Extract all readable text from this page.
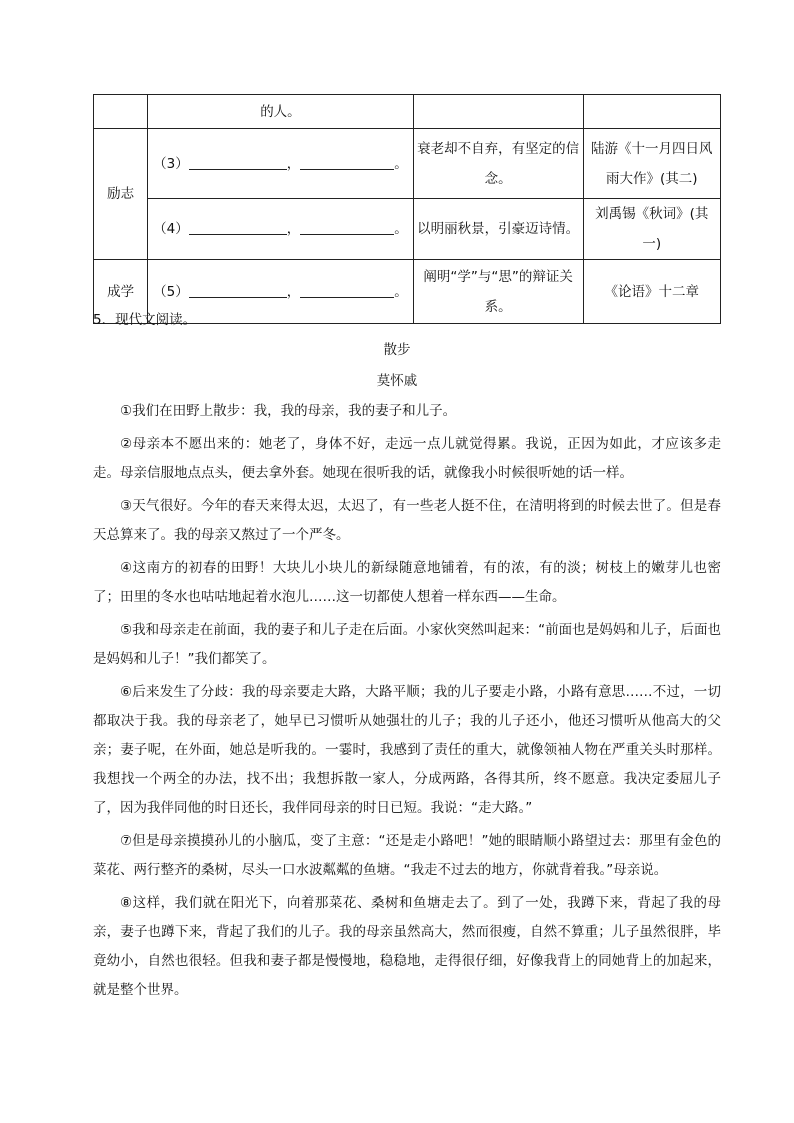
	的人。		
励志	（3） ， 。	衰老却不自弃，有坚定的信念。	陆游《十一月四日风雨大作》(其二)
	（4） ， 。	以明丽秋景，引豪迈诗情。	刘禹锡《秋词》(其一)
成学	（5） ， 。	阐明“学”与“思”的辩证关系。	《论语》十二章
5．现代文阅读。
散步
莫怀戚

①我们在田野上散步：我，我的母亲，我的妻子和儿子。

②母亲本不愿出来的：她老了，身体不好，走远一点儿就觉得累。我说，正因为如此，才应该多走走。母亲信服地点点头，便去拿外套。她现在很听我的话，就像我小时候很听她的话一样。

③天气很好。今年的春天来得太迟，太迟了，有一些老人挺不住，在清明将到的时候去世了。但是春天总算来了。我的母亲又熬过了一个严冬。

④这南方的初春的田野！大块儿小块儿的新绿随意地铺着，有的浓，有的淡；树枝上的嫩芽儿也密了；田里的冬水也咕咕地起着水泡儿……这一切都使人想着一样东西——生命。

⑤我和母亲走在前面，我的妻子和儿子走在后面。小家伙突然叫起来：“前面也是妈妈和儿子，后面也是妈妈和儿子！”我们都笑了。

⑥后来发生了分歧：我的母亲要走大路，大路平顺；我的儿子要走小路，小路有意思……不过，一切都取决于我。我的母亲老了，她早已习惯听从她强壮的儿子；我的儿子还小，他还习惯听从他高大的父亲；妻子呢，在外面，她总是听我的。一霎时，我感到了责任的重大，就像领袖人物在严重关头时那样。我想找一个两全的办法，找不出；我想拆散一家人，分成两路，各得其所，终不愿意。我决定委屈儿子了，因为我伴同他的时日还长，我伴同母亲的时日已短。我说：“走大路。”

⑦但是母亲摸摸孙儿的小脑瓜，变了主意：“还是走小路吧！”她的眼睛顺小路望过去：那里有金色的菜花、两行整齐的桑树，尽头一口水波粼粼的鱼塘。“我走不过去的地方，你就背着我。”母亲说。

⑧这样，我们就在阳光下，向着那菜花、桑树和鱼塘走去了。到了一处，我蹲下来，背起了我的母亲，妻子也蹲下来，背起了我们的儿子。我的母亲虽然高大，然而很瘦，自然不算重；儿子虽然很胖，毕竟幼小，自然也很轻。但我和妻子都是慢慢地，稳稳地，走得很仔细，好像我背上的同她背上的加起来，就是整个世界。
